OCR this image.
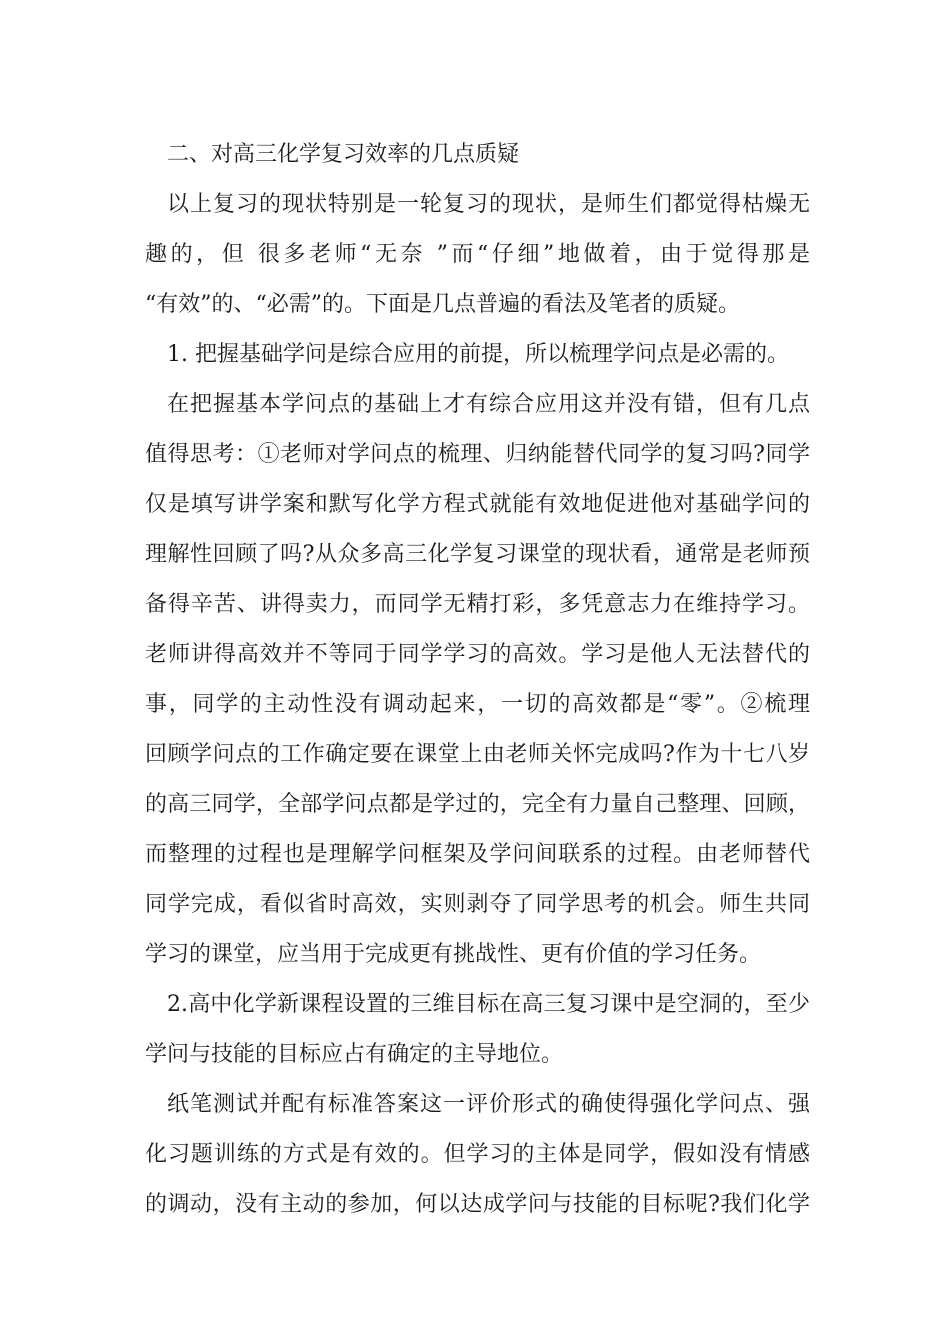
二、对高三化学复习效率的几点质疑
以上复习的现状特别是一轮复习的现状，是师生们都觉得枯燥无
趣的，但 很多老师“无奈 ”而“仔细”地做着，由于觉得那是
“有效”的、“必需”的。下面是几点普遍的看法及笔者的质疑。
1. 把握基础学问是综合应用的前提，所以梳理学问点是必需的。
在把握基本学问点的基础上才有综合应用这并没有错，但有几点
值得思考：①老师对学问点的梳理、归纳能替代同学的复习吗?同学
仅是填写讲学案和默写化学方程式就能有效地促进他对基础学问的
理解性回顾了吗?从众多高三化学复习课堂的现状看，通常是老师预
备得辛苦、讲得卖力，而同学无精打彩，多凭意志力在维持学习。
老师讲得高效并不等同于同学学习的高效。学习是他人无法替代的
事，同学的主动性没有调动起来，一切的高效都是“零”。②梳理
回顾学问点的工作确定要在课堂上由老师关怀完成吗?作为十七八岁
的高三同学，全部学问点都是学过的，完全有力量自己整理、回顾，
而整理的过程也是理解学问框架及学问间联系的过程。由老师替代
同学完成，看似省时高效，实则剥夺了同学思考的机会。师生共同
学习的课堂，应当用于完成更有挑战性、更有价值的学习任务。
2.高中化学新课程设置的三维目标在高三复习课中是空洞的，至少
学问与技能的目标应占有确定的主导地位。
纸笔测试并配有标准答案这一评价形式的确使得强化学问点、强
化习题训练的方式是有效的。但学习的主体是同学，假如没有情感
的调动，没有主动的参加，何以达成学问与技能的目标呢?我们化学
